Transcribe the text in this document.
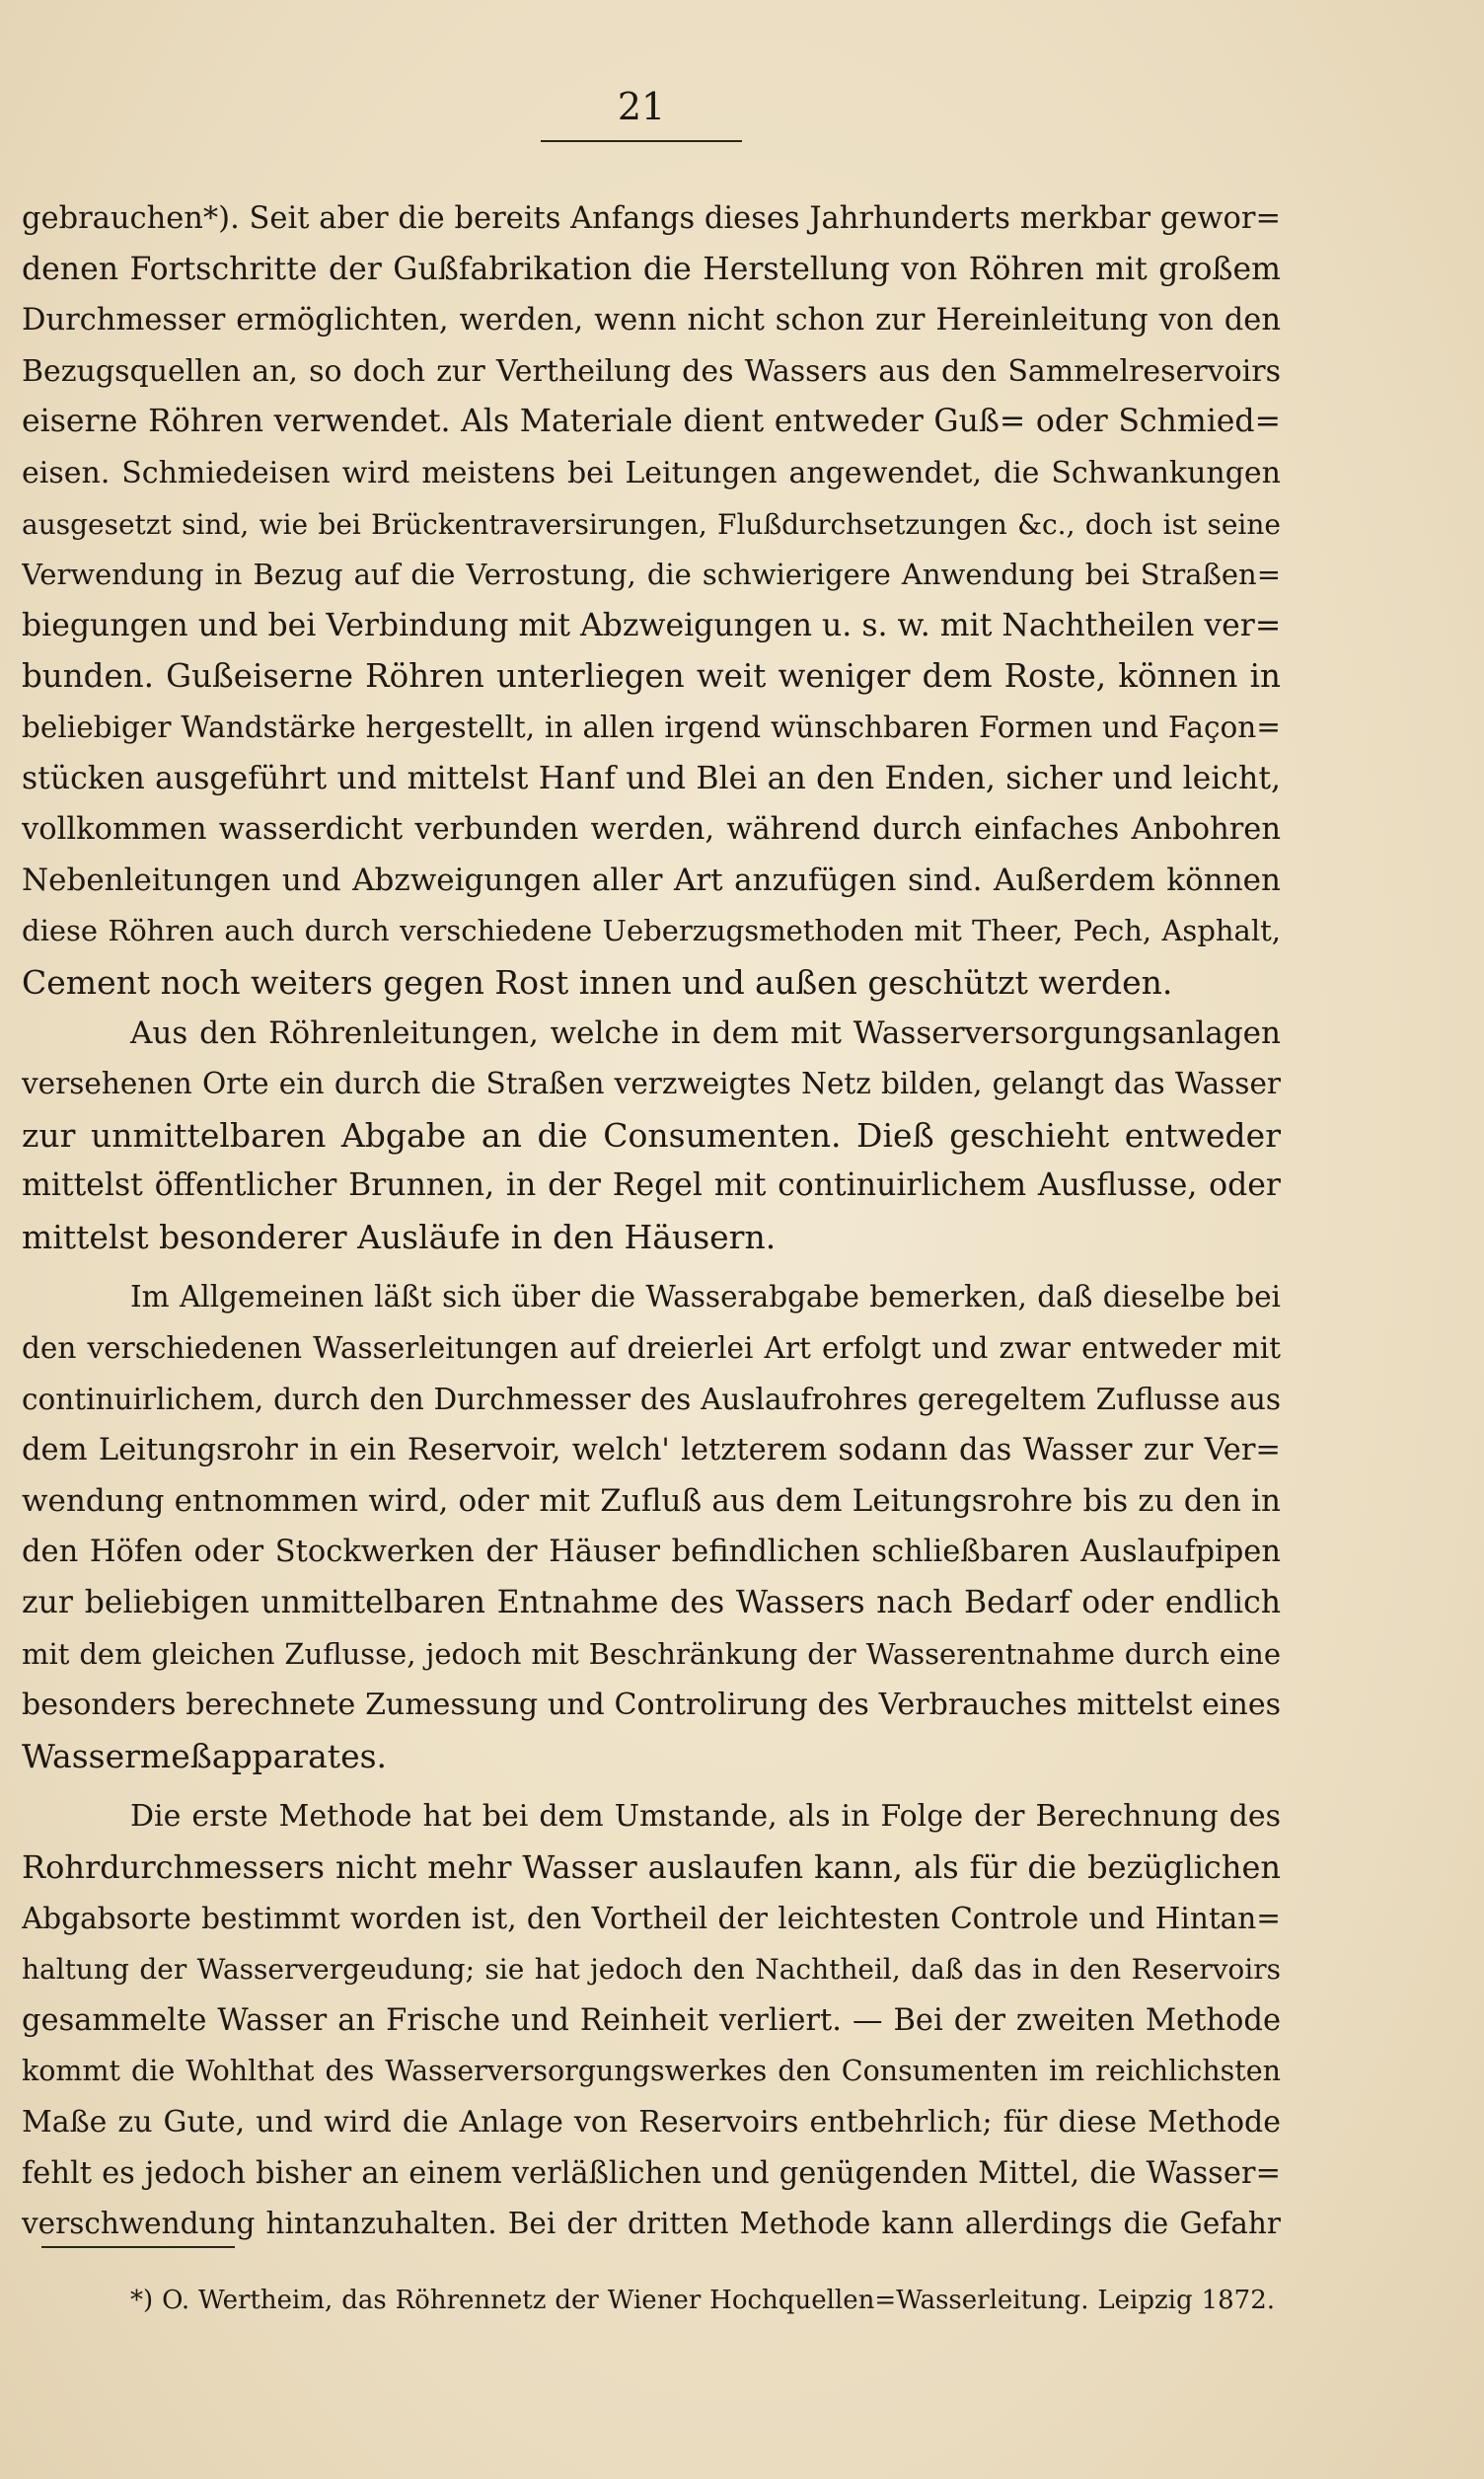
21
gebrauchen*). Seit aber die bereits Anfangs dieses Jahrhunderts merkbar gewor=
denen Fortschritte der Gußfabrikation die Herstellung von Röhren mit großem
Durchmesser ermöglichten, werden, wenn nicht schon zur Hereinleitung von den
Bezugsquellen an, so doch zur Vertheilung des Wassers aus den Sammelreservoirs
eiserne Röhren verwendet. Als Materiale dient entweder Guß= oder Schmied=
eisen. Schmiedeisen wird meistens bei Leitungen angewendet, die Schwankungen
ausgesetzt sind, wie bei Brückentraversirungen, Flußdurchsetzungen &c., doch ist seine
Verwendung in Bezug auf die Verrostung, die schwierigere Anwendung bei Straßen=
biegungen und bei Verbindung mit Abzweigungen u. s. w. mit Nachtheilen ver=
bunden. Gußeiserne Röhren unterliegen weit weniger dem Roste, können in
beliebiger Wandstärke hergestellt, in allen irgend wünschbaren Formen und Façon=
stücken ausgeführt und mittelst Hanf und Blei an den Enden, sicher und leicht,
vollkommen wasserdicht verbunden werden, während durch einfaches Anbohren
Nebenleitungen und Abzweigungen aller Art anzufügen sind. Außerdem können
diese Röhren auch durch verschiedene Ueberzugsmethoden mit Theer, Pech, Asphalt,
Cement noch weiters gegen Rost innen und außen geschützt werden.
Aus den Röhrenleitungen, welche in dem mit Wasserversorgungsanlagen
versehenen Orte ein durch die Straßen verzweigtes Netz bilden, gelangt das Wasser
zur unmittelbaren Abgabe an die Consumenten. Dieß geschieht entweder
mittelst öffentlicher Brunnen, in der Regel mit continuirlichem Ausflusse, oder
mittelst besonderer Ausläufe in den Häusern.
Im Allgemeinen läßt sich über die Wasserabgabe bemerken, daß dieselbe bei
den verschiedenen Wasserleitungen auf dreierlei Art erfolgt und zwar entweder mit
continuirlichem, durch den Durchmesser des Auslaufrohres geregeltem Zuflusse aus
dem Leitungsrohr in ein Reservoir, welch' letzterem sodann das Wasser zur Ver=
wendung entnommen wird, oder mit Zufluß aus dem Leitungsrohre bis zu den in
den Höfen oder Stockwerken der Häuser befindlichen schließbaren Auslaufpipen
zur beliebigen unmittelbaren Entnahme des Wassers nach Bedarf oder endlich
mit dem gleichen Zuflusse, jedoch mit Beschränkung der Wasserentnahme durch eine
besonders berechnete Zumessung und Controlirung des Verbrauches mittelst eines
Wassermeßapparates.
Die erste Methode hat bei dem Umstande, als in Folge der Berechnung des
Rohrdurchmessers nicht mehr Wasser auslaufen kann, als für die bezüglichen
Abgabsorte bestimmt worden ist, den Vortheil der leichtesten Controle und Hintan=
haltung der Wasservergeudung; sie hat jedoch den Nachtheil, daß das in den Reservoirs
gesammelte Wasser an Frische und Reinheit verliert. — Bei der zweiten Methode
kommt die Wohlthat des Wasserversorgungswerkes den Consumenten im reichlichsten
Maße zu Gute, und wird die Anlage von Reservoirs entbehrlich; für diese Methode
fehlt es jedoch bisher an einem verläßlichen und genügenden Mittel, die Wasser=
verschwendung hintanzuhalten. Bei der dritten Methode kann allerdings die Gefahr
*) O. Wertheim, das Röhrennetz der Wiener Hochquellen=Wasserleitung. Leipzig 1872.
